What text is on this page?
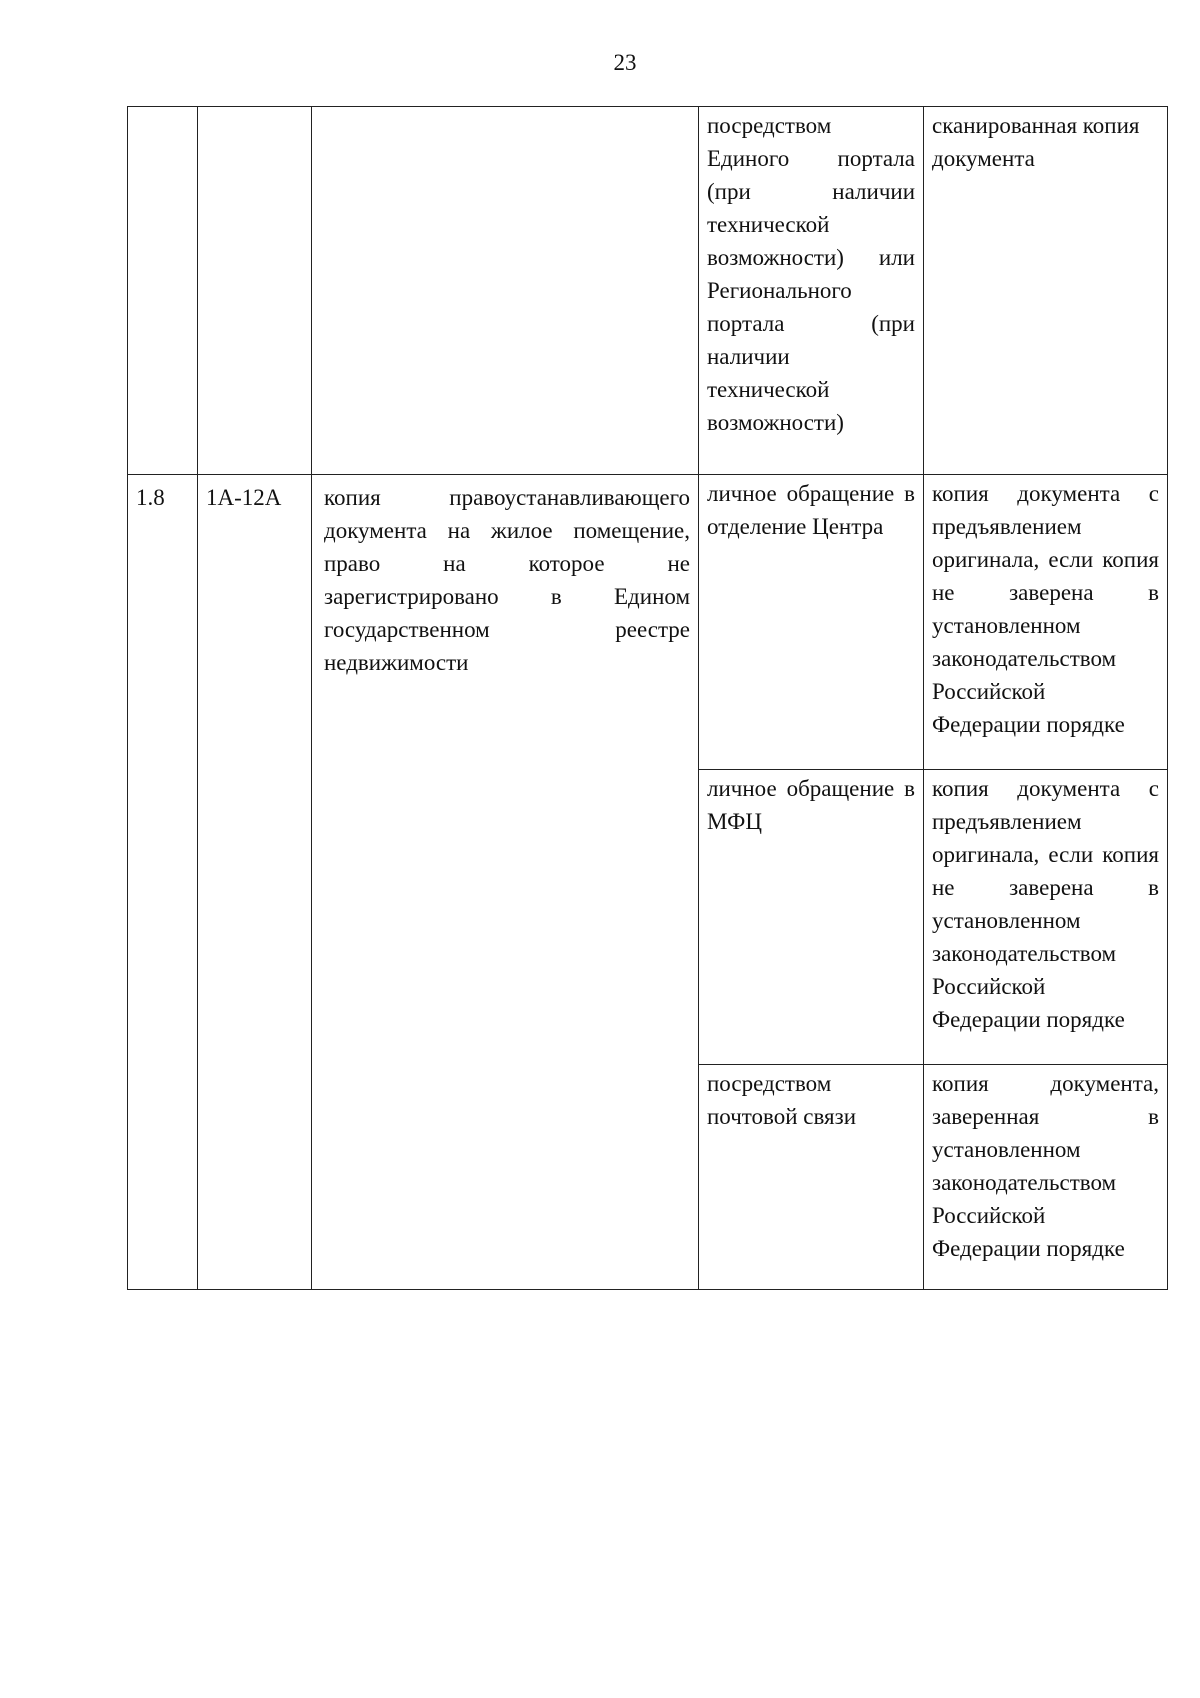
23
			посредством Единого портала (при наличии технической возможности) или Регионального портала (при наличии технической возможности)	сканированная копия документа
1.8	1А-12А	копия правоустанавливающего документа на жилое помещение, право на которое не зарегистрировано в Едином государственном реестре недвижимости	личное обращение в отделение Центра	копия документа с предъявлением оригинала, если копия не заверена в установленном законодательством Российской Федерации порядке
			личное обращение в МФЦ	копия документа с предъявлением оригинала, если копия не заверена в установленном законодательством Российской Федерации порядке
			посредством почтовой связи	копия документа, заверенная в установленном законодательством Российской Федерации порядке
